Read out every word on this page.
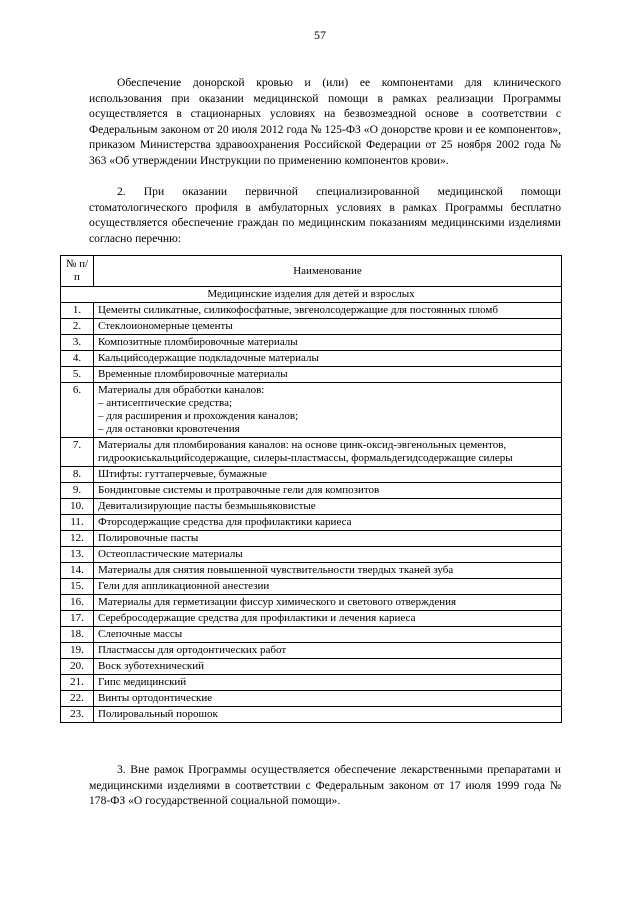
57

Обеспечение донорской кровью и (или) ее компонентами для клинического использования при оказании медицинской помощи в рамках реализации Программы осуществляется в стационарных условиях на безвозмездной основе в соответствии с Федеральным законом от 20 июля 2012 года № 125-ФЗ «О донорстве крови и ее компонентов», приказом Министерства здравоохранения Российской Федерации от 25 ноября 2002 года № 363 «Об утверждении Инструкции по применению компонентов крови».

2. При оказании первичной специализированной медицинской помощи стоматологического профиля в амбулаторных условиях в рамках Программы бесплатно осуществляется обеспечение граждан по медицинским показаниям медицинскими изделиями согласно перечню:

№ п/п	Наименование
Медицинские изделия для детей и взрослых	
1.	Цементы силикатные, силикофосфатные, эвгенолсодержащие для постоянных пломб

2.	Стеклоиономерные цементы

3.	Композитные пломбировочные материалы

4.	Кальцийсодержащие подкладочные материалы

5.	Временные пломбировочные материалы

6.	Материалы для обработки каналов:
– антисептические средства;
– для расширения и прохождения каналов;
– для остановки кровотечения

7.	Материалы для пломбирования каналов: на основе цинк-оксид-эвгенольных цементов, гидроокиськальцийсодержащие, силеры-пластмассы, формальдегидсодержащие силеры

8.	Штифты: гуттаперчевые, бумажные

9.	Бондинговые системы и протравочные гели для композитов

10.	Девитализирующие пасты безмышьяковистые

11.	Фторсодержащие средства для профилактики кариеса

12.	Полировочные пасты

13.	Остеопластические материалы

14.	Материалы для снятия повышенной чувствительности твердых тканей зуба

15.	Гели для аппликационной анестезии

16.	Материалы для герметизации фиссур химического и светового отверждения

17.	Серебросодержащие средства для профилактики и лечения кариеса

18.	Слепочные массы

19.	Пластмассы для ортодонтических работ

20.	Воск зуботехнический

21.	Гипс медицинский

22.	Винты ортодонтические

23.	Полировальный порошок

3. Вне рамок Программы осуществляется обеспечение лекарственными препаратами и медицинскими изделиями в соответствии с Федеральным законом от 17 июля 1999 года № 178-ФЗ «О государственной социальной помощи».
